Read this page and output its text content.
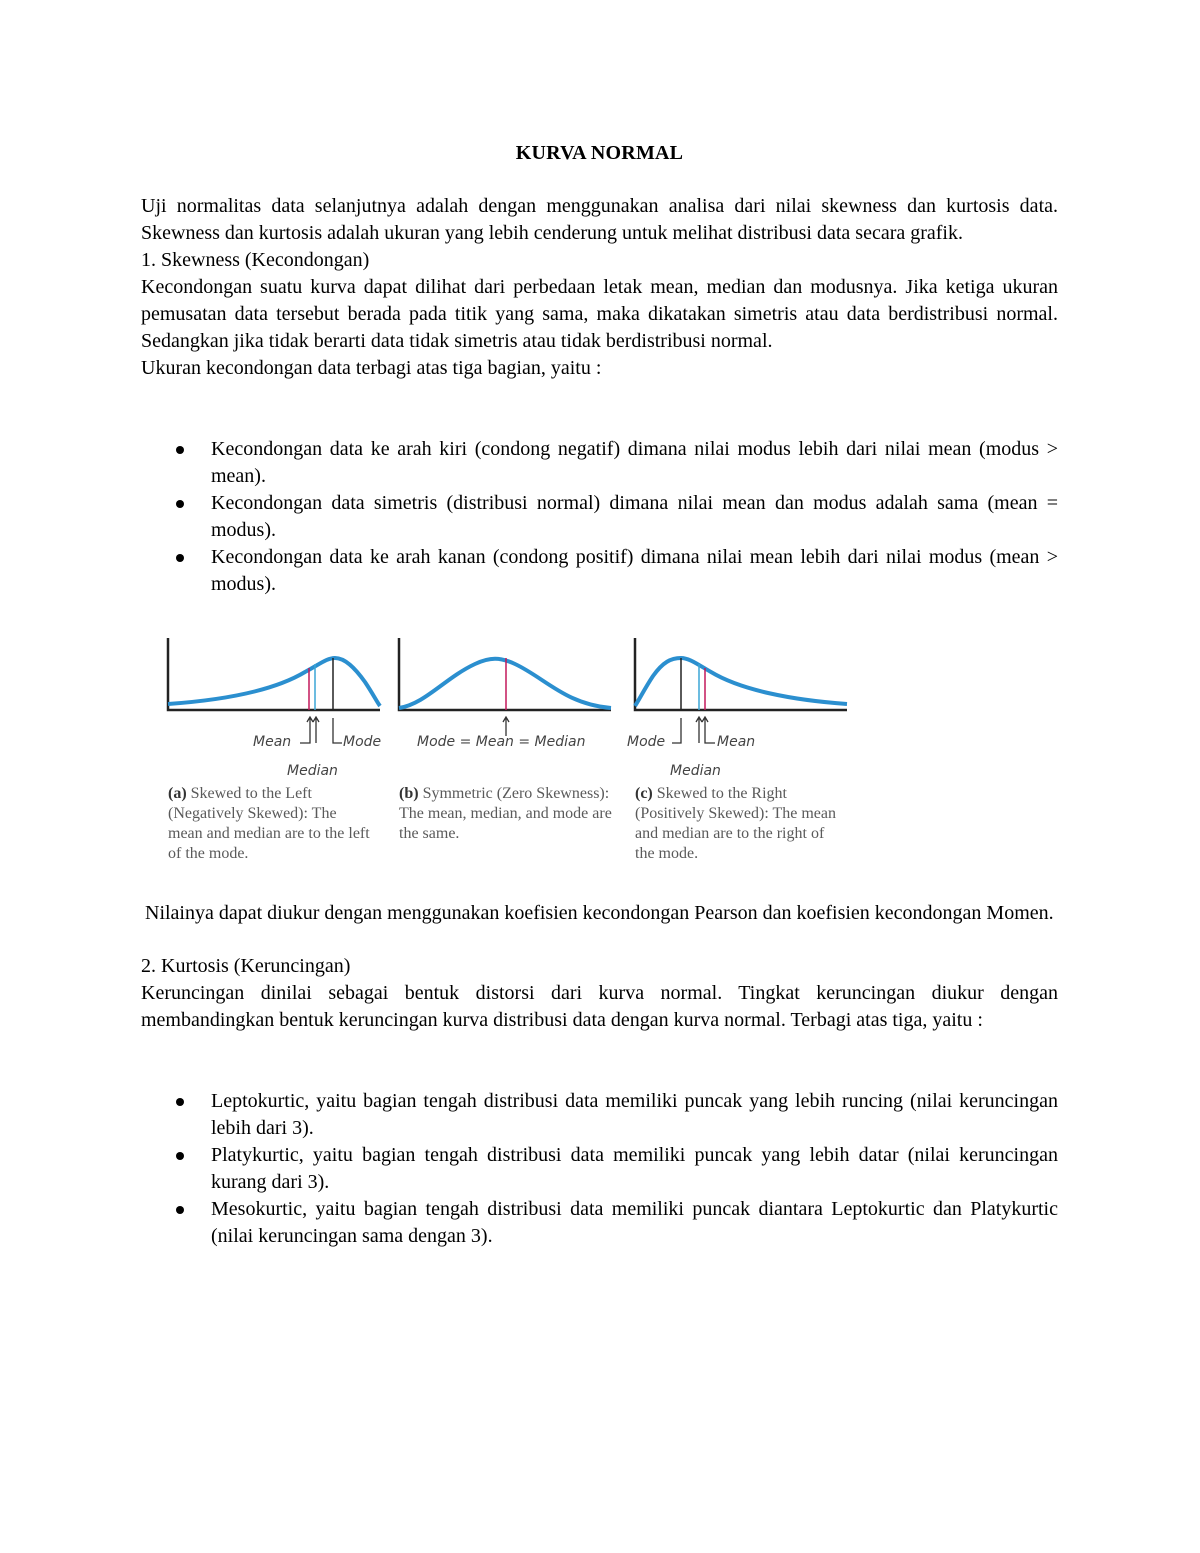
KURVA NORMAL

Uji normalitas data selanjutnya adalah dengan menggunakan analisa dari nilai skewness dan kurtosis data. Skewness dan kurtosis adalah ukuran yang lebih cenderung untuk melihat distribusi data secara grafik.

1. Skewness (Kecondongan)

Kecondongan suatu kurva dapat dilihat dari perbedaan letak mean, median dan modusnya. Jika ketiga ukuran pemusatan data tersebut berada pada titik yang sama, maka dikatakan simetris atau data berdistribusi normal. Sedangkan jika tidak berarti data tidak simetris atau tidak berdistribusi normal.

Ukuran kecondongan data terbagi atas tiga bagian, yaitu :

Kecondongan data ke arah kiri (condong negatif) dimana nilai modus lebih dari nilai mean (modus > mean).
Kecondongan data simetris (distribusi normal) dimana nilai mean dan modus adalah sama (mean = modus).
Kecondongan data ke arah kanan (condong positif) dimana nilai mean lebih dari nilai modus (mean > modus).
Mean	Mode
Median
Mode = Mean = Median	Mode	Mean
Median
(a) Skewed to the Left (Negatively Skewed): The mean and median are to the left of the mode.
(b) Symmetric (Zero Skewness): The mean, median, and mode are the same.
(c) Skewed to the Right (Positively Skewed): The mean and median are to the right of the mode.

Nilainya dapat diukur dengan menggunakan koefisien kecondongan Pearson dan koefisien kecondongan Momen.

2. Kurtosis (Keruncingan)

Keruncingan dinilai sebagai bentuk distorsi dari kurva normal. Tingkat keruncingan diukur dengan membandingkan bentuk keruncingan kurva distribusi data dengan kurva normal. Terbagi atas tiga, yaitu :

Leptokurtic, yaitu bagian tengah distribusi data memiliki puncak yang lebih runcing (nilai keruncingan lebih dari 3).
Platykurtic, yaitu bagian tengah distribusi data memiliki puncak yang lebih datar (nilai keruncingan kurang dari 3).
Mesokurtic, yaitu bagian tengah distribusi data memiliki puncak diantara Leptokurtic dan Platykurtic (nilai keruncingan sama dengan 3).
